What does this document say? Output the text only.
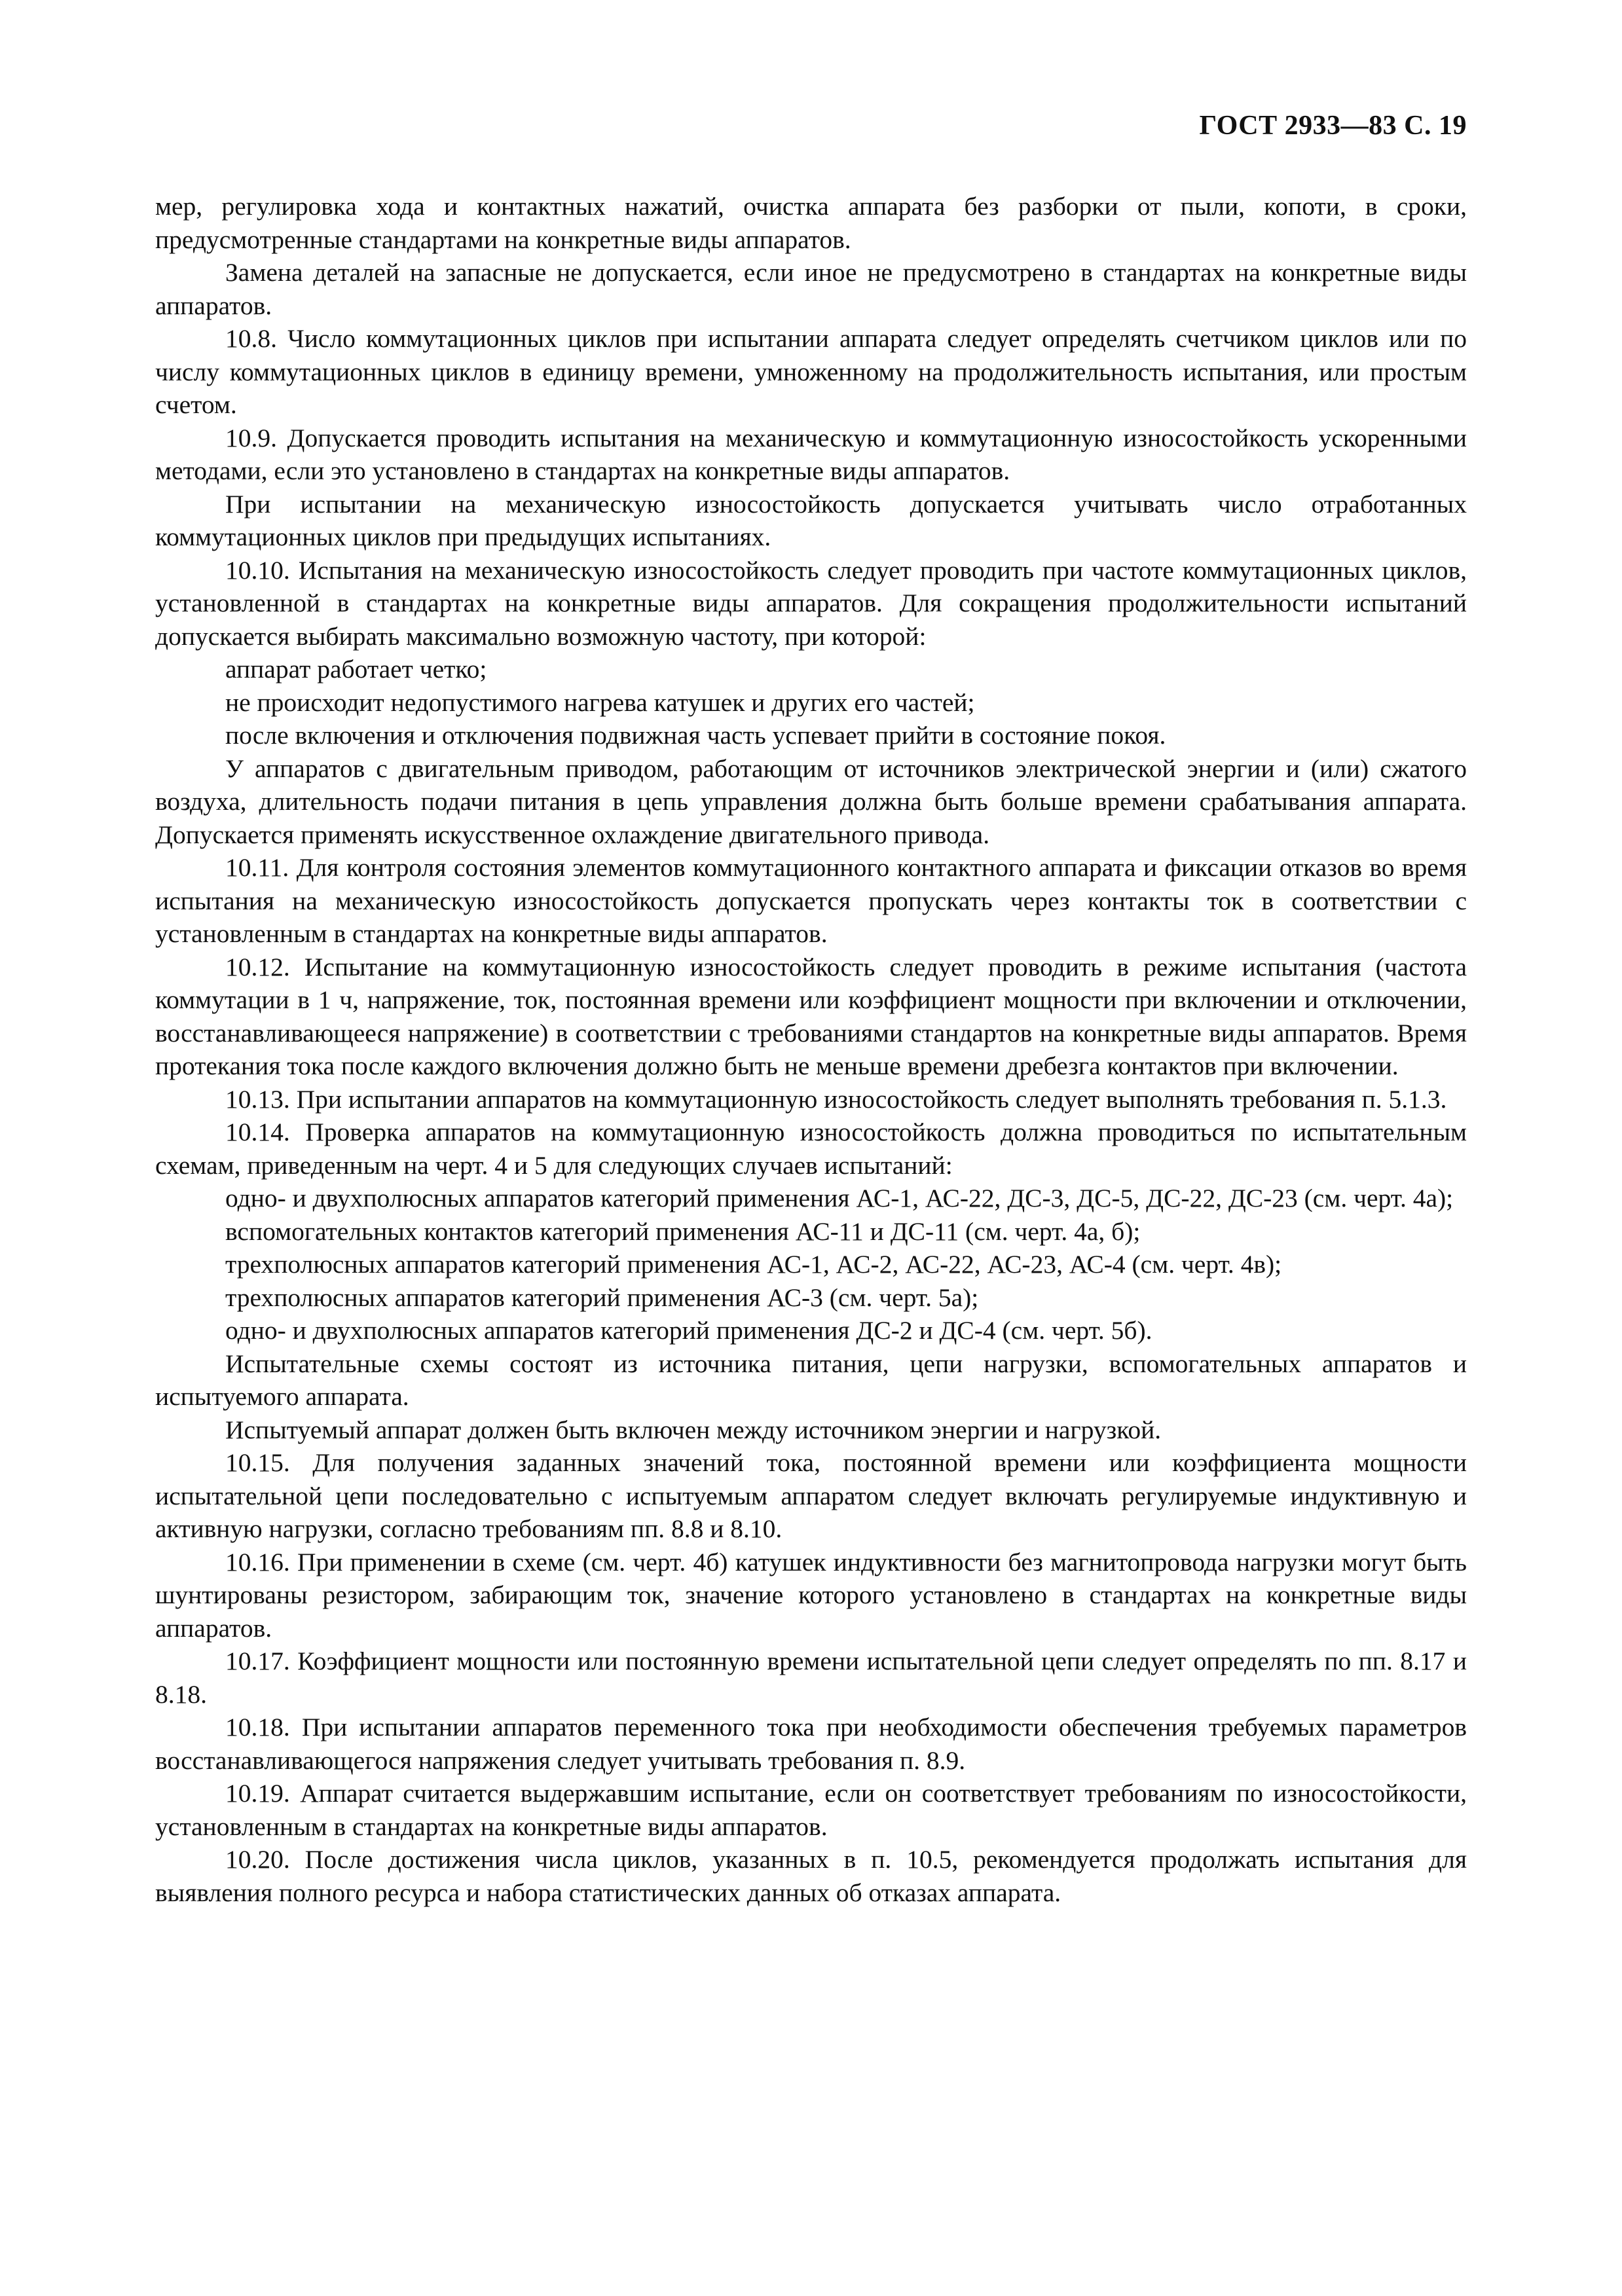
ГОСТ 2933—83 С. 19

мер, регулировка хода и контактных нажатий, очистка аппарата без разборки от пыли, копоти, в сроки, предусмотренные стандартами на конкретные виды аппаратов.

Замена деталей на запасные не допускается, если иное не предусмотрено в стандартах на конкретные виды аппаратов.

10.8. Число коммутационных циклов при испытании аппарата следует определять счетчиком циклов или по числу коммутационных циклов в единицу времени, умноженному на продолжительность испытания, или простым счетом.

10.9. Допускается проводить испытания на механическую и коммутационную износостойкость ускоренными методами, если это установлено в стандартах на конкретные виды аппаратов.

При испытании на механическую износостойкость допускается учитывать число отработанных коммутационных циклов при предыдущих испытаниях.

10.10. Испытания на механическую износостойкость следует проводить при частоте коммутационных циклов, установленной в стандартах на конкретные виды аппаратов. Для сокращения продолжительности испытаний допускается выбирать максимально возможную частоту, при которой:

аппарат работает четко;

не происходит недопустимого нагрева катушек и других его частей;

после включения и отключения подвижная часть успевает прийти в состояние покоя.

У аппаратов с двигательным приводом, работающим от источников электрической энергии и (или) сжатого воздуха, длительность подачи питания в цепь управления должна быть больше времени срабатывания аппарата. Допускается применять искусственное охлаждение двигательного привода.

10.11. Для контроля состояния элементов коммутационного контактного аппарата и фиксации отказов во время испытания на механическую износостойкость допускается пропускать через контакты ток в соответствии с установленным в стандартах на конкретные виды аппаратов.

10.12. Испытание на коммутационную износостойкость следует проводить в режиме испытания (частота коммутации в 1 ч, напряжение, ток, постоянная времени или коэффициент мощности при включении и отключении, восстанавливающееся напряжение) в соответствии с требованиями стандартов на конкретные виды аппаратов. Время протекания тока после каждого включения должно быть не меньше времени дребезга контактов при включении.

10.13. При испытании аппаратов на коммутационную износостойкость следует выполнять требования п. 5.1.3.

10.14. Проверка аппаратов на коммутационную износостойкость должна проводиться по испытательным схемам, приведенным на черт. 4 и 5 для следующих случаев испытаний:

одно- и двухполюсных аппаратов категорий применения АС-1, АС-22, ДС-3, ДС-5, ДС-22, ДС-23 (см. черт. 4а);

вспомогательных контактов категорий применения АС-11 и ДС-11 (см. черт. 4а, б);

трехполюсных аппаратов категорий применения АС-1, АС-2, АС-22, АС-23, АС-4 (см. черт. 4в);

трехполюсных аппаратов категорий применения АС-3 (см. черт. 5а);

одно- и двухполюсных аппаратов категорий применения ДС-2 и ДС-4 (см. черт. 5б).

Испытательные схемы состоят из источника питания, цепи нагрузки, вспомогательных аппаратов и испытуемого аппарата.

Испытуемый аппарат должен быть включен между источником энергии и нагрузкой.

10.15. Для получения заданных значений тока, постоянной времени или коэффициента мощности испытательной цепи последовательно с испытуемым аппаратом следует включать регулируемые индуктивную и активную нагрузки, согласно требованиям пп. 8.8 и 8.10.

10.16. При применении в схеме (см. черт. 4б) катушек индуктивности без магнитопровода нагрузки могут быть шунтированы резистором, забирающим ток, значение которого установлено в стандартах на конкретные виды аппаратов.

10.17. Коэффициент мощности или постоянную времени испытательной цепи следует определять по пп. 8.17 и 8.18.

10.18. При испытании аппаратов переменного тока при необходимости обеспечения требуемых параметров восстанавливающегося напряжения следует учитывать требования п. 8.9.

10.19. Аппарат считается выдержавшим испытание, если он соответствует требованиям по износостойкости, установленным в стандартах на конкретные виды аппаратов.

10.20. После достижения числа циклов, указанных в п. 10.5, рекомендуется продолжать испытания для выявления полного ресурса и набора статистических данных об отказах аппарата.
